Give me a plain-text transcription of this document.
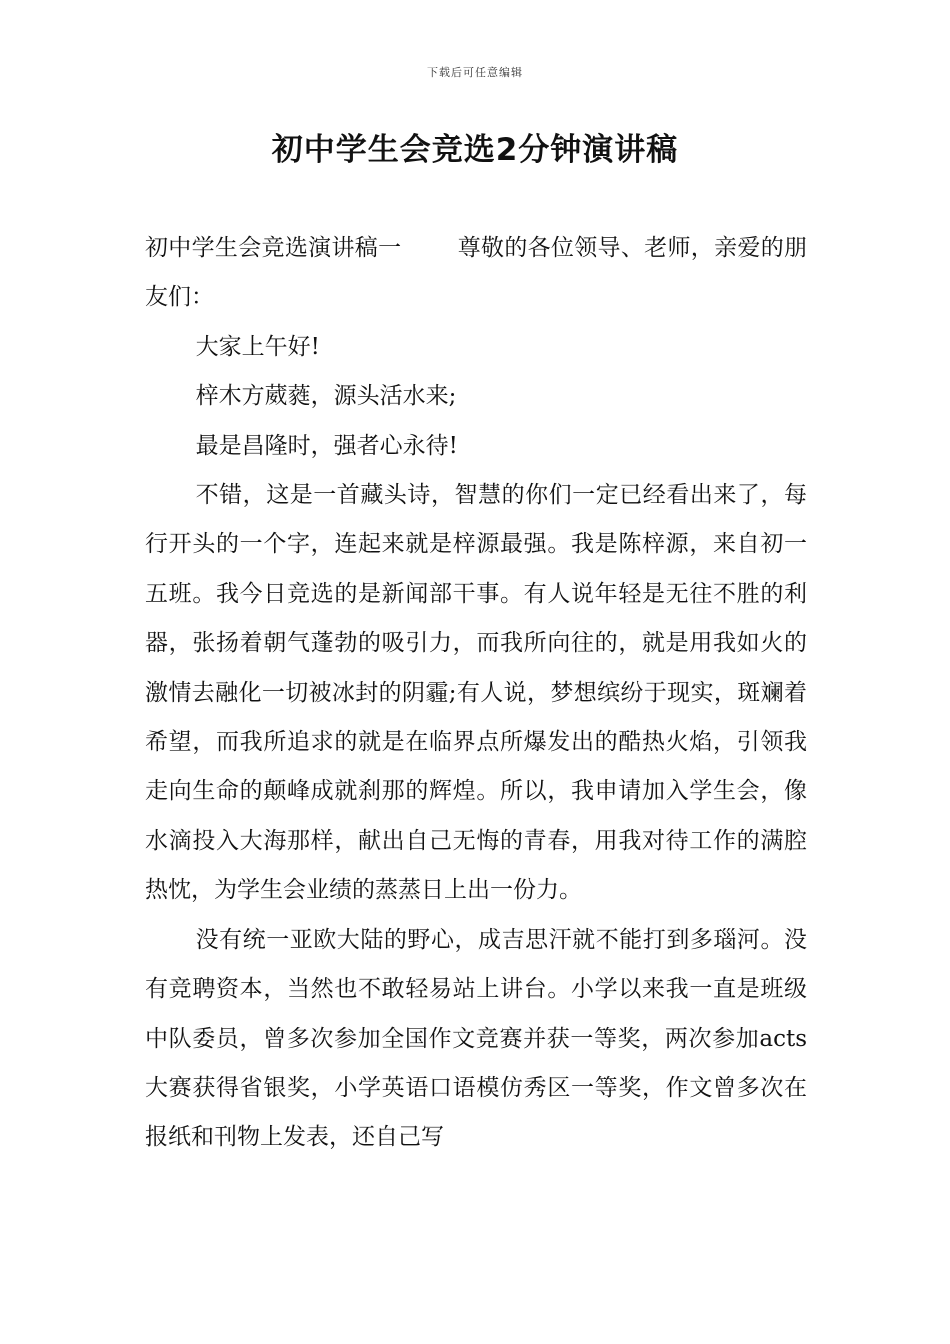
下载后可任意编辑
初中学生会竞选2分钟演讲稿

初中学生会竞选演讲稿一 尊敬的各位领导、老师，亲爱的朋友们：

大家上午好!

梓木方葳蕤，源头活水来;

最是昌隆时，强者心永待!

不错，这是一首藏头诗，智慧的你们一定已经看出来了，每行开头的一个字，连起来就是梓源最强。我是陈梓源，来自初一五班。我今日竞选的是新闻部干事。有人说年轻是无往不胜的利器，张扬着朝气蓬勃的吸引力，而我所向往的，就是用我如火的激情去融化一切被冰封的阴霾;有人说，梦想缤纷于现实，斑斓着希望，而我所追求的就是在临界点所爆发出的酷热火焰，引领我走向生命的颠峰成就刹那的辉煌。所以，我申请加入学生会，像水滴投入大海那样，献出自己无悔的青春，用我对待工作的满腔热忱，为学生会业绩的蒸蒸日上出一份力。

没有统一亚欧大陆的野心，成吉思汗就不能打到多瑙河。没有竞聘资本，当然也不敢轻易站上讲台。小学以来我一直是班级中队委员，曾多次参加全国作文竞赛并获一等奖，两次参加acts大赛获得省银奖，小学英语口语模仿秀区一等奖，作文曾多次在报纸和刊物上发表，还自己写
